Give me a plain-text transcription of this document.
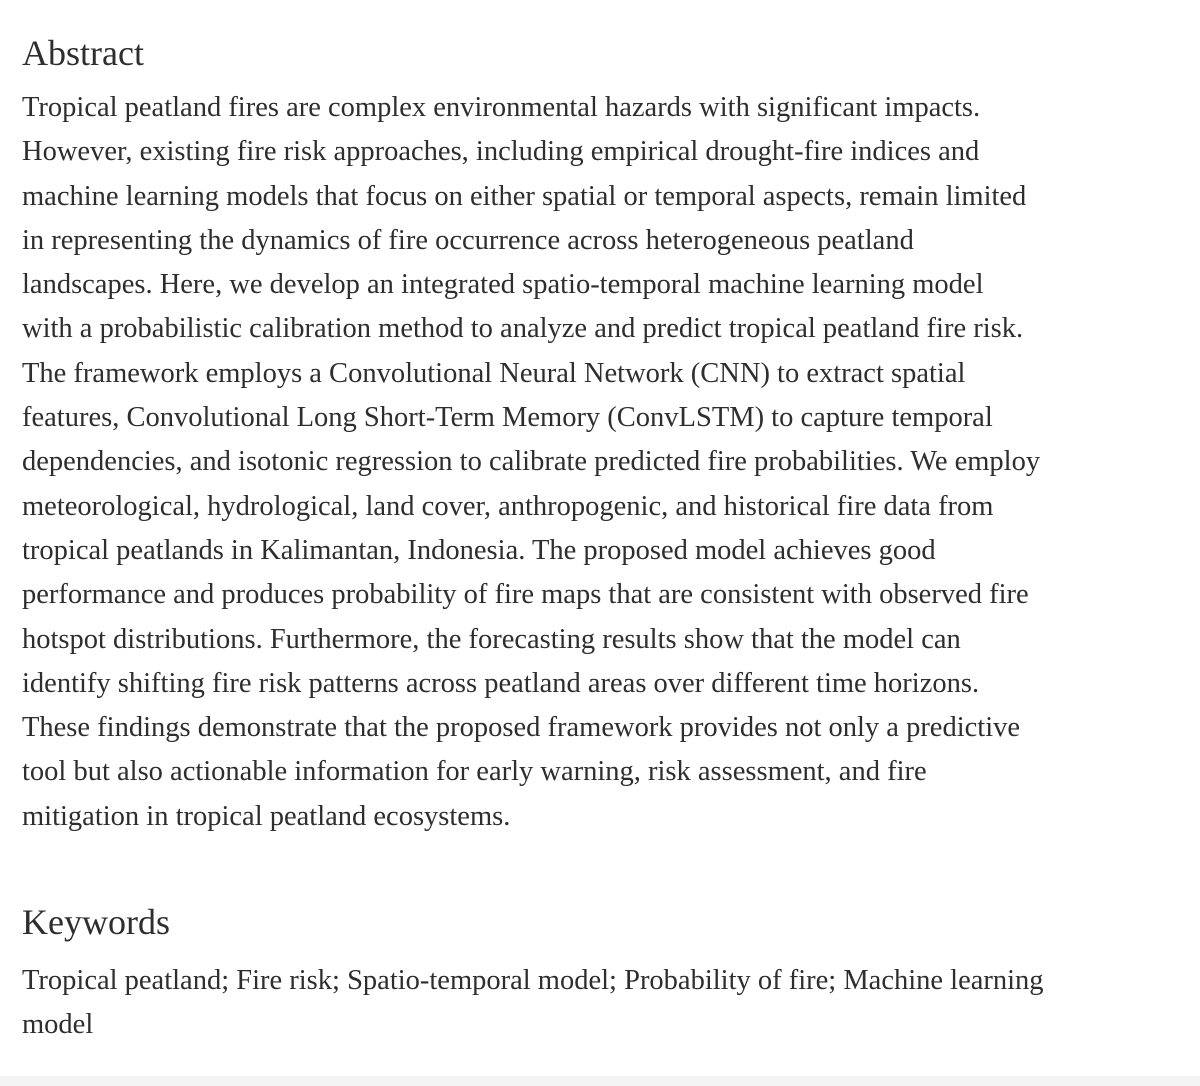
Abstract

Tropical peatland fires are complex environmental hazards with significant impacts.
However, existing fire risk approaches, including empirical drought-fire indices and
machine learning models that focus on either spatial or temporal aspects, remain limited
in representing the dynamics of fire occurrence across heterogeneous peatland
landscapes. Here, we develop an integrated spatio-temporal machine learning model
with a probabilistic calibration method to analyze and predict tropical peatland fire risk.
The framework employs a Convolutional Neural Network (CNN) to extract spatial
features, Convolutional Long Short-Term Memory (ConvLSTM) to capture temporal
dependencies, and isotonic regression to calibrate predicted fire probabilities. We employ
meteorological, hydrological, land cover, anthropogenic, and historical fire data from
tropical peatlands in Kalimantan, Indonesia. The proposed model achieves good
performance and produces probability of fire maps that are consistent with observed fire
hotspot distributions. Furthermore, the forecasting results show that the model can
identify shifting fire risk patterns across peatland areas over different time horizons.
These findings demonstrate that the proposed framework provides not only a predictive
tool but also actionable information for early warning, risk assessment, and fire
mitigation in tropical peatland ecosystems.

Keywords

Tropical peatland; Fire risk; Spatio-temporal model; Probability of fire; Machine learning
model
